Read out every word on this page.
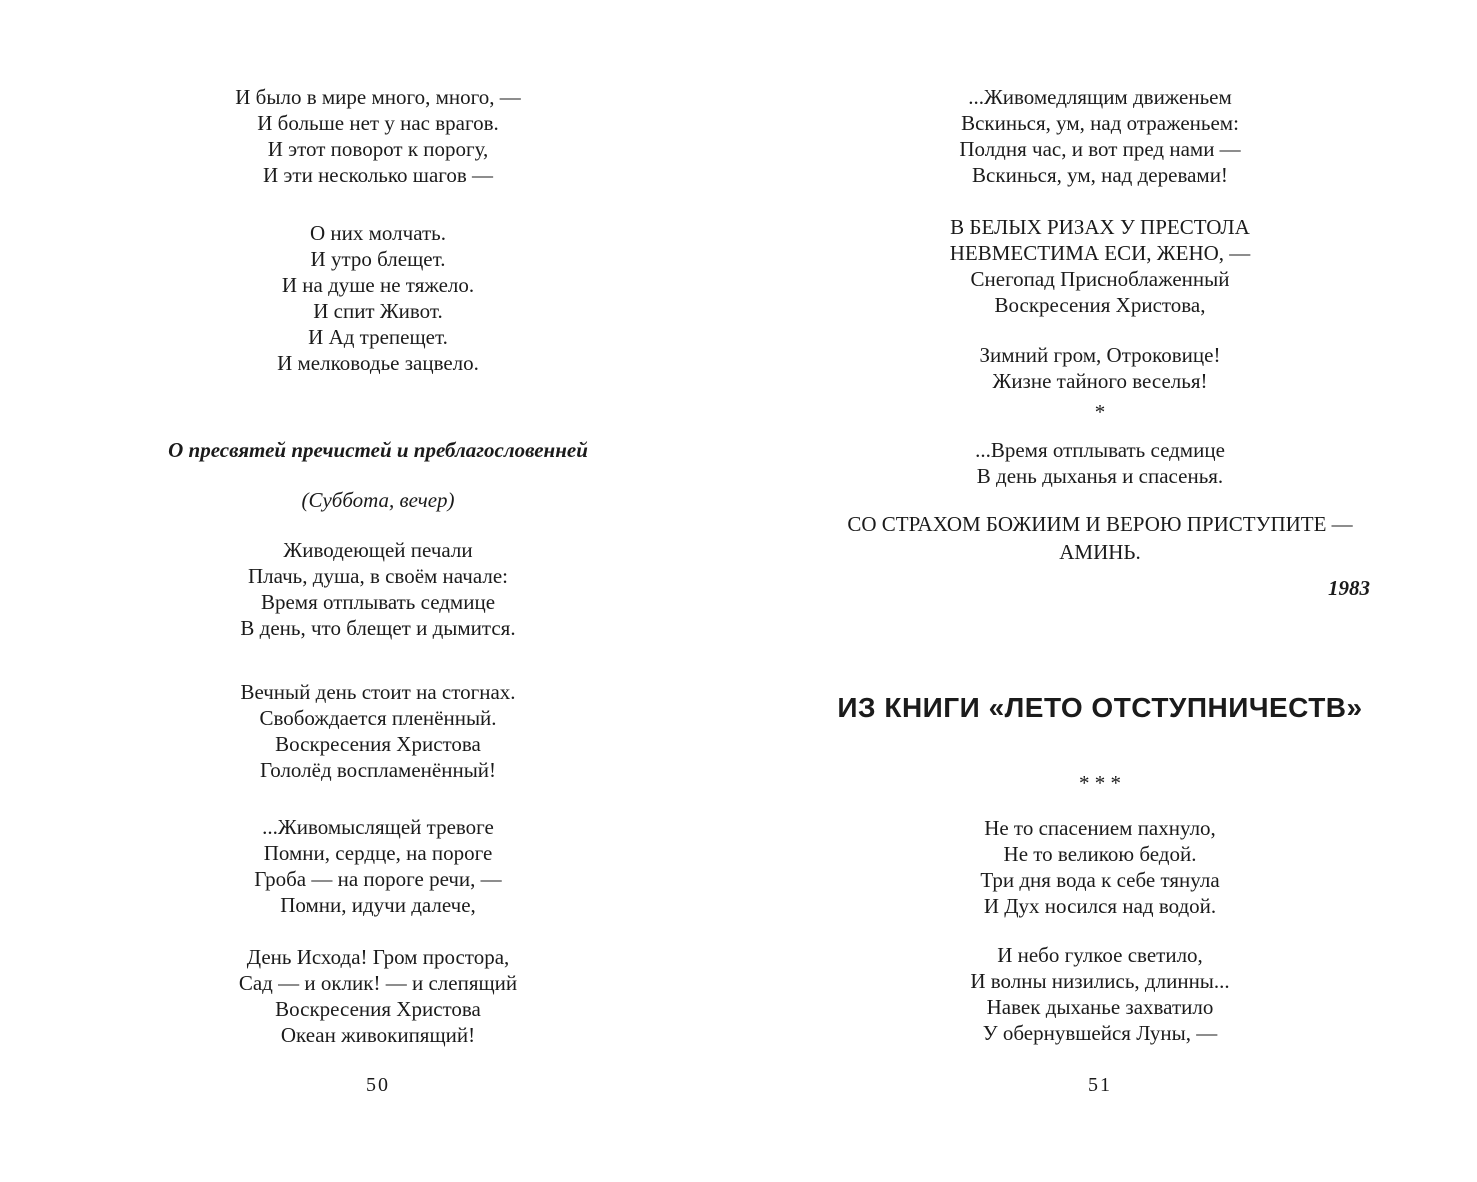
И было в мире много, много, —
И больше нет у нас врагов.
И этот поворот к порогу,
И эти несколько шагов —
О них молчать.
И утро блещет.
И на душе не тяжело.
И спит Живот.
И Ад трепещет.
И мелководье зацвело.
О пресвятей пречистей и преблагословенней
(Суббота, вечер)
Живодеющей печали
Плачь, душа, в своём начале:
Время отплывать седмице
В день, что блещет и дымится.
Вечный день стоит на стогнах.
Свобождается пленённый.
Воскресения Христова
Гололёд воспламенённый!
...Живомыслящей тревоге
Помни, сердце, на пороге
Гроба — на пороге речи, —
Помни, идучи далече,
День Исхода! Гром простора,
Сад — и оклик! — и слепящий
Воскресения Христова
Океан живокипящий!
50
...Живомедлящим движеньем
Вскинься, ум, над отраженьем:
Полдня час, и вот пред нами —
Вскинься, ум, над деревами!
В БЕЛЫХ РИЗАХ У ПРЕСТОЛА
НЕВМЕСТИМА ЕСИ, ЖЕНО, —
Снегопад Присноблаженный
Воскресения Христова,
Зимний гром, Отроковице!
Жизне тайного веселья!
*
...Время отплывать седмице
В день дыханья и спасенья.
СО СТРАХОМ БОЖИИМ И ВЕРОЮ ПРИСТУПИТЕ —
АМИНЬ.
1983
ИЗ КНИГИ «ЛЕТО ОТСТУПНИЧЕСТВ»
* * *
Не то спасением пахнуло,
Не то великою бедой.
Три дня вода к себе тянула
И Дух носился над водой.
И небо гулкое светило,
И волны низились, длинны...
Навек дыханье захватило
У обернувшейся Луны, —
51
